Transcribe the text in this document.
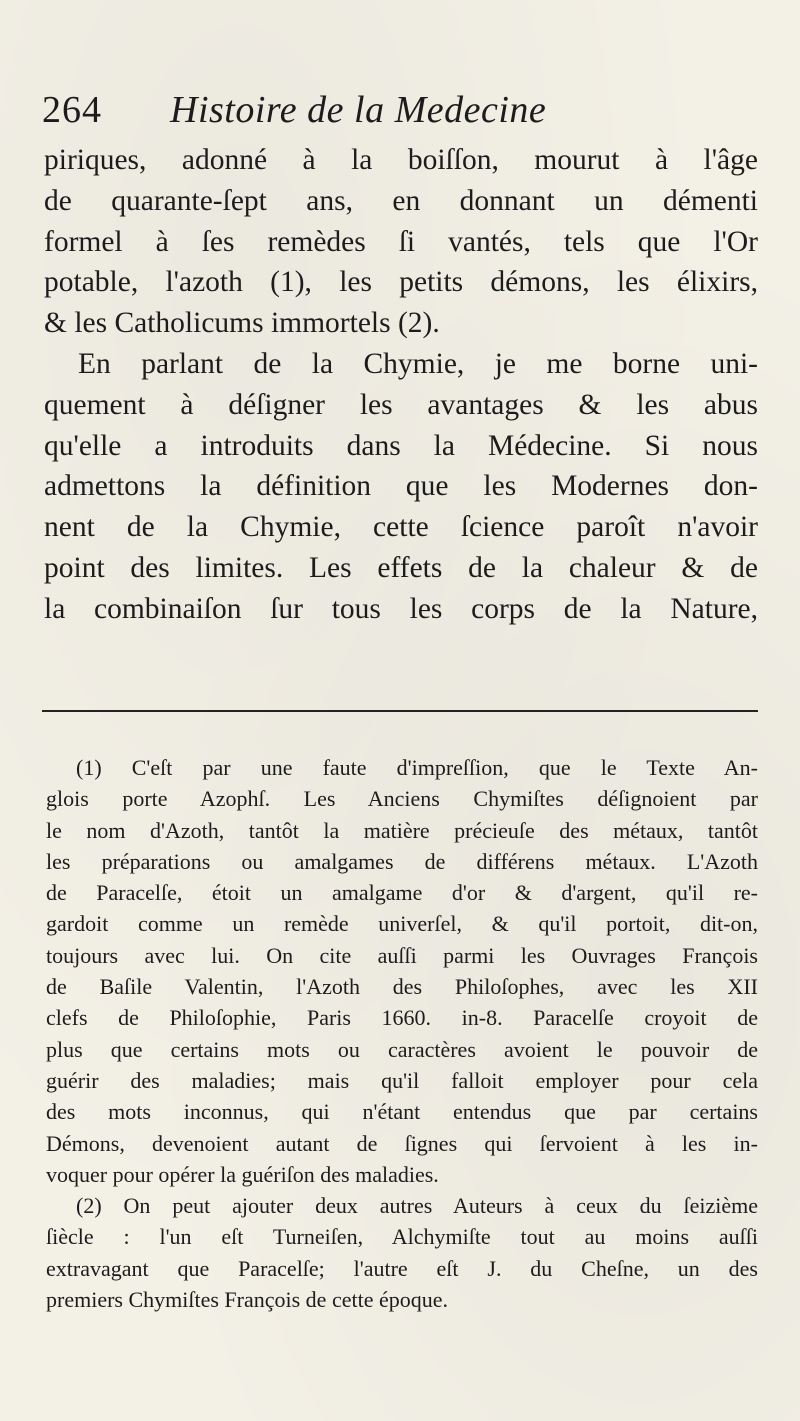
264 Histoire de la Medecine
piriques, adonné à la boiſſon, mourut à l'âge
de quarante-ſept ans, en donnant un démenti
formel à ſes remèdes ſi vantés, tels que l'Or
potable, l'azoth (1), les petits démons, les élixirs,
& les Catholicums immortels (2).
En parlant de la Chymie, je me borne uni-
quement à déſigner les avantages & les abus
qu'elle a introduits dans la Médecine. Si nous
admettons la définition que les Modernes don-
nent de la Chymie, cette ſcience paroît n'avoir
point des limites. Les effets de la chaleur & de
la combinaiſon ſur tous les corps de la Nature,
(1) C'eſt par une faute d'impreſſion, que le Texte An-
glois porte Azophſ. Les Anciens Chymiſtes déſignoient par
le nom d'Azoth, tantôt la matière précieuſe des métaux, tantôt
les préparations ou amalgames de différens métaux. L'Azoth
de Paracelſe, étoit un amalgame d'or & d'argent, qu'il re-
gardoit comme un remède univerſel, & qu'il portoit, dit-on,
toujours avec lui. On cite auſſi parmi les Ouvrages François
de Baſile Valentin, l'Azoth des Philoſophes, avec les XII
clefs de Philoſophie, Paris 1660. in-8. Paracelſe croyoit de
plus que certains mots ou caractères avoient le pouvoir de
guérir des maladies; mais qu'il falloit employer pour cela
des mots inconnus, qui n'étant entendus que par certains
Démons, devenoient autant de ſignes qui ſervoient à les in-
voquer pour opérer la guériſon des maladies.
(2) On peut ajouter deux autres Auteurs à ceux du ſeizième
ſiècle : l'un eſt Turneiſen, Alchymiſte tout au moins auſſi
extravagant que Paracelſe; l'autre eſt J. du Cheſne, un des
premiers Chymiſtes François de cette époque.
